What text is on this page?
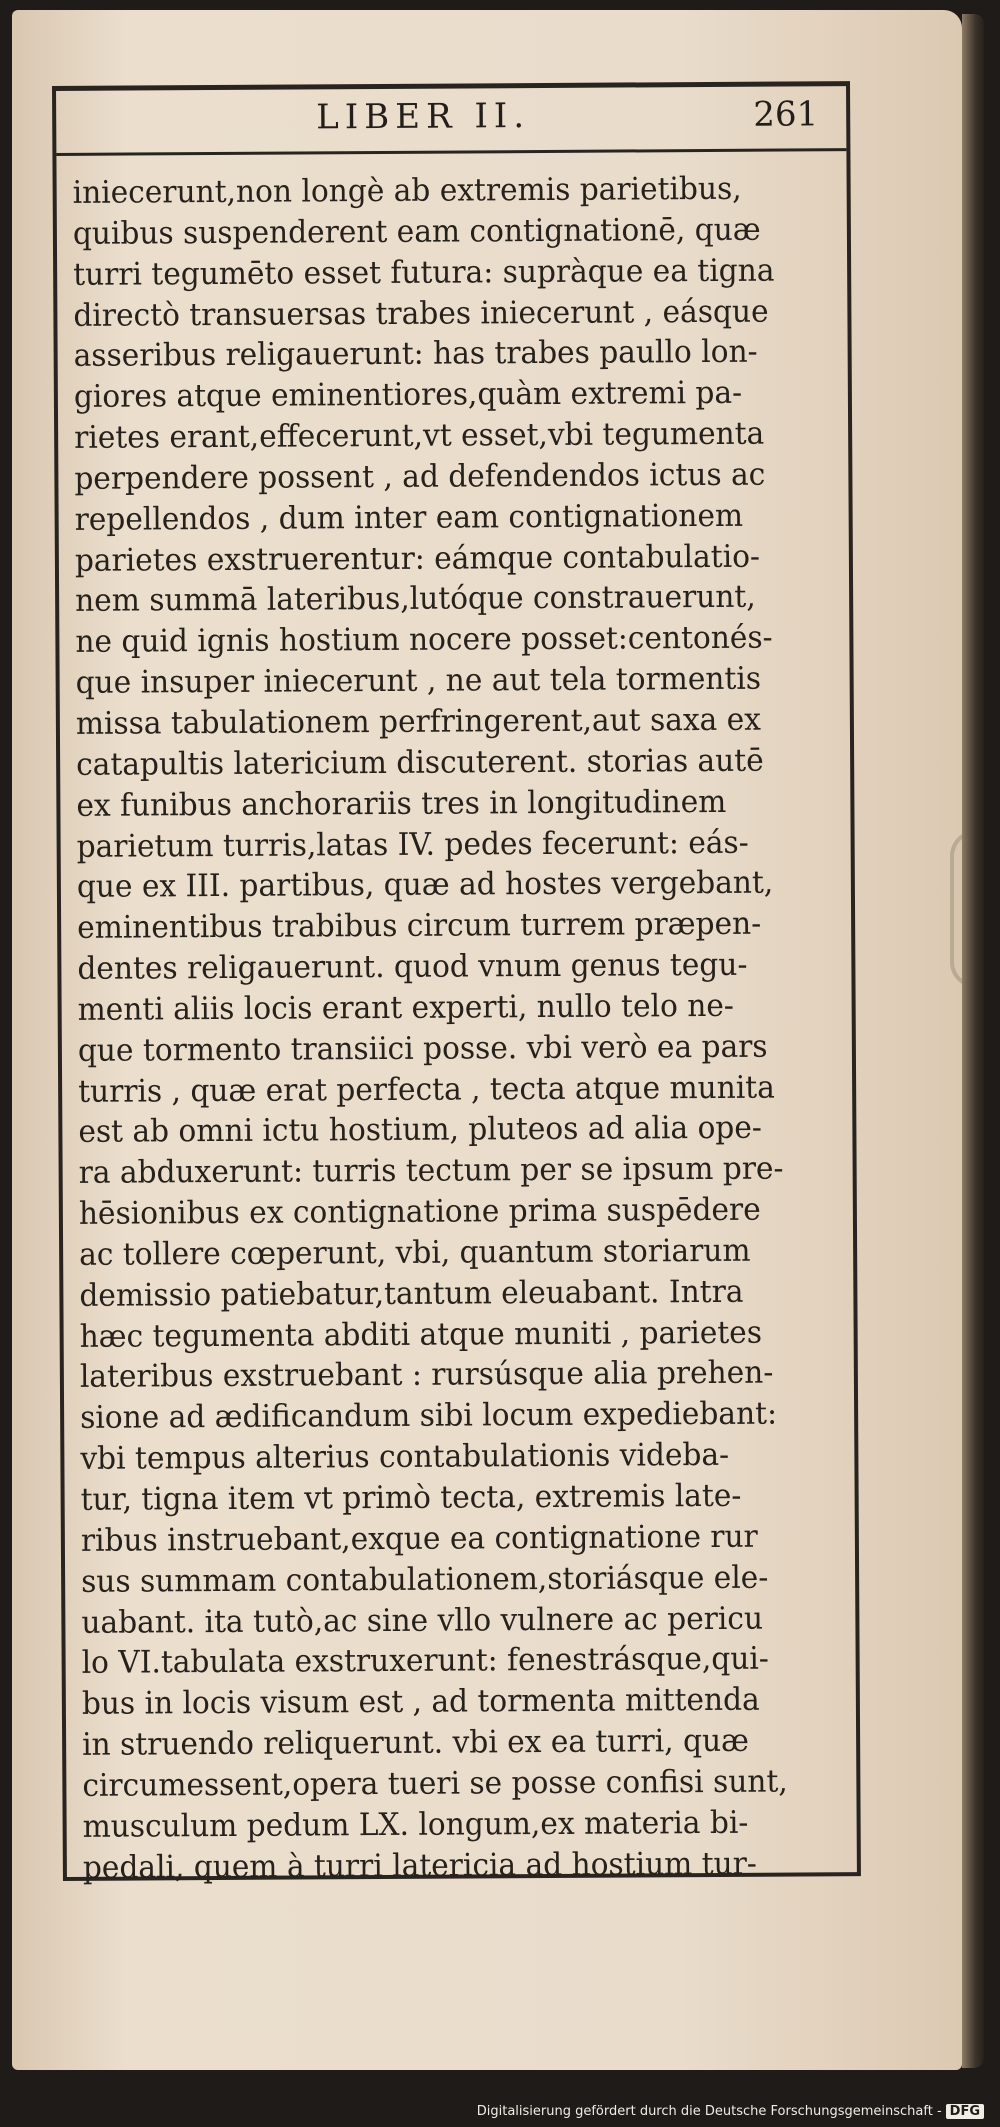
LIBER II.	261
iniecerunt,non longè ab extremis parietibus,
quibus suspenderent eam contignationē, quæ
turri tegumēto esset futura: supràque ea tigna
directò transuersas trabes iniecerunt , eásque
asseribus religauerunt: has trabes paullo lon-
giores atque eminentiores,quàm extremi pa-
rietes erant,effecerunt,vt esset,vbi tegumenta
perpendere possent , ad defendendos ictus ac
repellendos , dum inter eam contignationem
parietes exstruerentur: eámque contabulatio-
nem summā lateribus,lutóque constrauerunt,
ne quid ignis hostium nocere posset:centonés-
que insuper iniecerunt , ne aut tela tormentis
missa tabulationem perfringerent,aut saxa ex
catapultis latericium discuterent. storias autē
ex funibus anchorariis tres in longitudinem
parietum turris,latas IV. pedes fecerunt: eás-
que ex III. partibus, quæ ad hostes vergebant,
eminentibus trabibus circum turrem præpen-
dentes religauerunt. quod vnum genus tegu-
menti aliis locis erant experti, nullo telo ne-
que tormento transiici posse. vbi verò ea pars
turris , quæ erat perfecta , tecta atque munita
est ab omni ictu hostium, pluteos ad alia ope-
ra abduxerunt: turris tectum per se ipsum pre-
hēsionibus ex contignatione prima suspēdere
ac tollere cœperunt, vbi, quantum storiarum
demissio patiebatur,tantum eleuabant. Intra
hæc tegumenta abditi atque muniti , parietes
lateribus exstruebant : rursúsque alia prehen-
sione ad ædificandum sibi locum expediebant:
vbi tempus alterius contabulationis videba-
tur, tigna item vt primò tecta, extremis late-
ribus instruebant,exque ea contignatione rur
sus summam contabulationem,storiásque ele-
uabant. ita tutò,ac sine vllo vulnere ac pericu
lo VI.tabulata exstruxerunt: fenestrásque,qui-
bus in locis visum est , ad tormenta mittenda
in struendo reliquerunt. vbi ex ea turri, quæ
circumessent,opera tueri se posse confisi sunt,
musculum pedum LX. longum,ex materia bi-
pedali, quem à turri latericia ad hostium tur-
Digitalisierung gefördert durch die Deutsche Forschungsgemeinschaft - DFG
